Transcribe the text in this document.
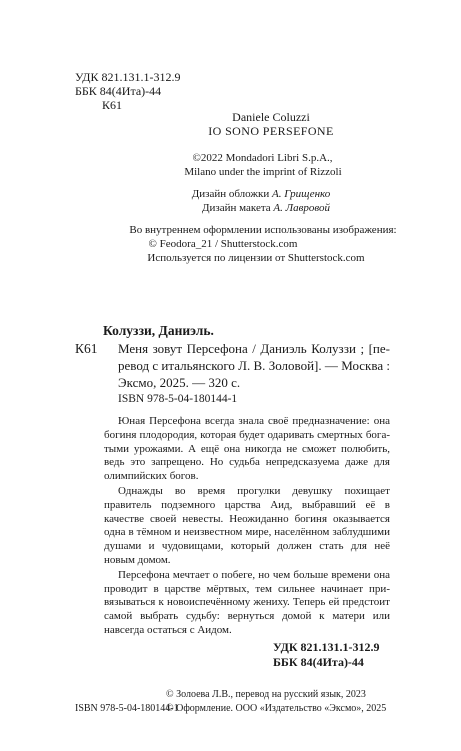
УДК 821.131.1-312.9
ББК 84(4Ита)-44
К61
Daniele Coluzzi
IO SONO PERSEFONE
©2022 Mondadori Libri S.p.A.,
Milano under the imprint of Rizzoli
Дизайн обложки А. Грищенко
Дизайн макета А. Лавровой
Во внутреннем оформлении использованы изображения:
© Feodora_21 / Shutterstock.com
Используется по лицензии от Shutterstock.com
Колуззи, Даниэль.
К61 Меня зовут Персефона / Даниэль Колуззи ; [перевод с итальянского Л. В. Золовой]. — Москва : Эксмо, 2025. — 320 с.
ISBN 978-5-04-180144-1

Юная Персефона всегда знала своё предназначение: она богиня плодородия, которая будет одаривать смертных богатыми урожаями. А ещё она никогда не сможет полюбить, ведь это запрещено. Но судьба непредсказуема даже для олимпийских богов.

Однажды во время прогулки девушку похищает правитель подземного царства Аид, выбравший её в качестве своей невесты. Неожиданно богиня оказывается одна в тёмном и неизвестном мире, населённом заблудшими душами и чудовищами, который должен стать для неё новым домом.

Персефона мечтает о побеге, но чем больше времени она проводит в царстве мёртвых, тем сильнее начинает привязываться к новоиспечённому жениху. Теперь ей предстоит самой выбрать судьбу: вернуться домой к матери или навсегда остаться с Аидом.

УДК 821.131.1-312.9
ББК 84(4Ита)-44
ISBN 978-5-04-180144-1
© Золоева Л.В., перевод на русский язык, 2023
© Оформление. ООО «Издательство «Эксмо», 2025
